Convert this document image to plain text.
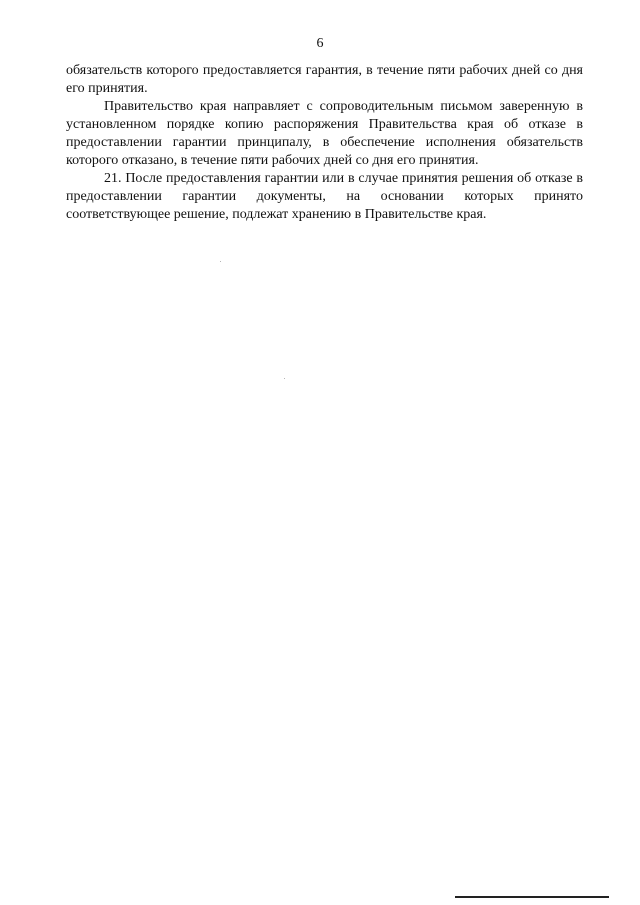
6

обязательств которого предоставляется гарантия, в течение пяти рабочих дней со дня его принятия.

Правительство края направляет с сопроводительным письмом заверенную в установленном порядке копию распоряжения Правительства края об отказе в предоставлении гарантии принципалу, в обеспечение исполнения обязательств которого отказано, в течение пяти рабочих дней со дня его принятия.

21. После предоставления гарантии или в случае принятия решения об отказе в предоставлении гарантии документы, на основании которых принято соответствующее решение, подлежат хранению в Правительстве края.
